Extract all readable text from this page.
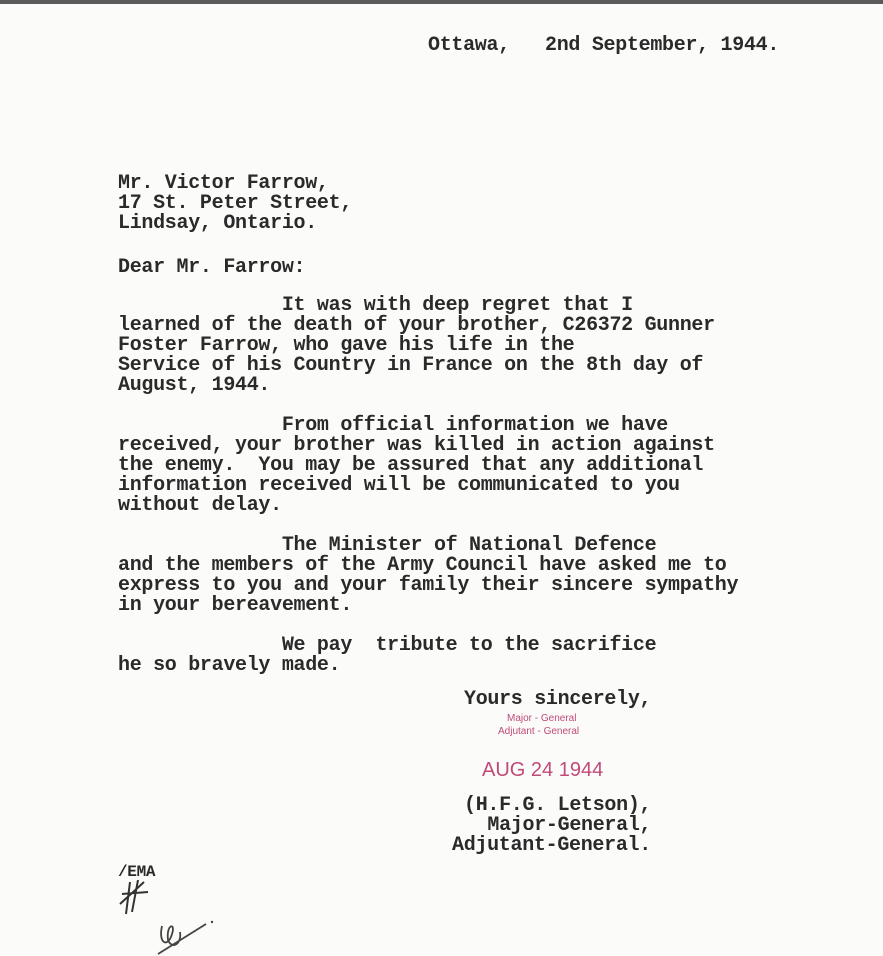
Ottawa,   2nd September, 1944.
Mr. Victor Farrow,
17 St. Peter Street,
Lindsay, Ontario.
Dear Mr. Farrow:
It was with deep regret that I
learned of the death of your brother, C26372 Gunner
Foster Farrow, who gave his life in the
Service of his Country in France on the 8th day of
August, 1944.
From official information we have
received, your brother was killed in action against
the enemy.  You may be assured that any additional
information received will be communicated to you
without delay.
The Minister of National Defence
and the members of the Army Council have asked me to
express to you and your family their sincere sympathy
in your bereavement.
We pay  tribute to the sacrifice
he so bravely made.
Yours sincerely,
Major - General
Adjutant - General
AUG 24 1944
(H.F.G. Letson),
Major-General,
Adjutant-General.
/EMA
